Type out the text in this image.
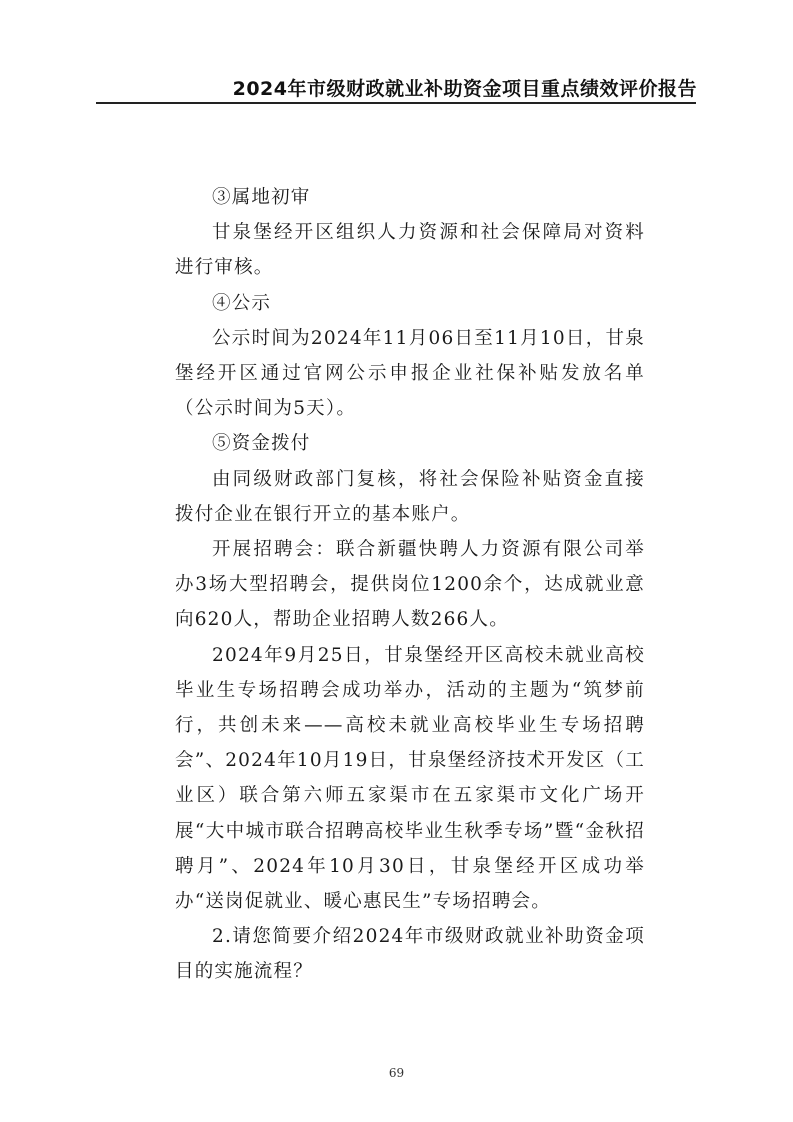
2024年市级财政就业补助资金项目重点绩效评价报告

③属地初审

甘泉堡经开区组织人力资源和社会保障局对资料进行审核。

④公示

公示时间为2024年11月06日至11月10日，甘泉堡经开区通过官网公示申报企业社保补贴发放名单（公示时间为5天）。

⑤资金拨付

由同级财政部门复核，将社会保险补贴资金直接拨付企业在银行开立的基本账户。

开展招聘会：联合新疆快聘人力资源有限公司举办3场大型招聘会，提供岗位1200余个，达成就业意向620人，帮助企业招聘人数266人。

2024年9月25日，甘泉堡经开区高校未就业高校毕业生专场招聘会成功举办，活动的主题为“筑梦前行，共创未来——高校未就业高校毕业生专场招聘会”、2024年10月19日，甘泉堡经济技术开发区（工业区）联合第六师五家渠市在五家渠市文化广场开展“大中城市联合招聘高校毕业生秋季专场”暨“金秋招聘月”、2024年10月30日，甘泉堡经开区成功举办“送岗促就业、暖心惠民生”专场招聘会。

2.请您简要介绍2024年市级财政就业补助资金项目的实施流程？

69
